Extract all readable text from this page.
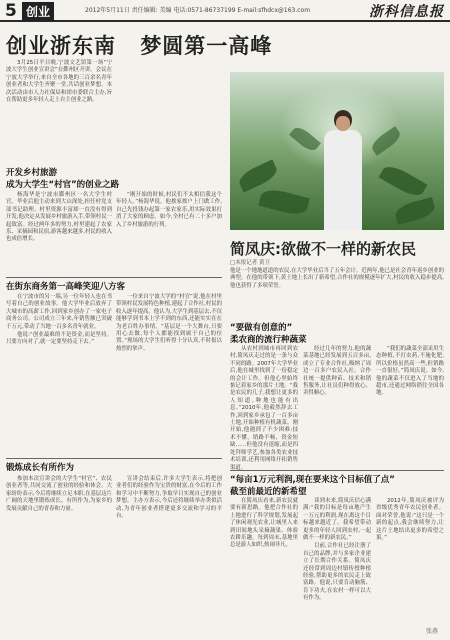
5 创业	2012年5月11日 责任编辑: 美编 电话:0571-86737199 E-mail:sfhdcx@163.com	浙科信息报
创业浙东南 梦圆第一高峰

3月25日平日晚,宁波文艺馆第一场“宁波大学生创业宣讲会”在鄞州区开讲。会议在宁波大学举行,来自全市各地的三百余名青年创业者和大学生齐聚一堂,共话创业梦想。本次活动由市人力社保局和团市委联合主办,旨在帮助更多年轻人走上自主创业之路。

开发乡村旅游
成为大学生“村官”的创业之路

杨海华是宁波市鄞州区一名大学生村官。毕业后他主动来到大山深处,担任村党支部书记助理。村里资源丰富却一直没有得到开发,他决定从发展乡村旅游入手,带领村民一起致富。经过两年多的努力,村里建起了农家乐、采摘园和民宿,游客越来越多,村民的收入也成倍增长。

“刚开始的时候,村民们不太相信我这个年轻人。”杨海华说。他挨家挨户上门做工作,自己先投钱办起第一家农家乐,用实际效果打消了大家的顾虑。如今,全村已有二十多户加入了乡村旅游的行列。

在街东商务第一高峰笑迎八方客

在宁波市的另一端,另一位年轻人也在书写着自己的创业故事。他大学毕业后放弃了大城市的高薪工作,回到家乡创办了一家电子商务公司。公司成立三年来,年销售额已突破千万元,带动了当地一百多名青年就业。

他说:“创业最难的不是资金,而是坚持。只要方向对了,就一定要坚持走下去。”

一位来自宁波大学的“村官”说,他在村里带领村民发展特色种植,建起了合作社,村民的收入逐年提高。他认为,大学生到基层去,不仅能够学到书本上学不到的东西,还能实实在在为老百姓办事情。“基层是一个大舞台,只要用心去做,每个人都能找到属于自己的位置。”现场的大学生们听得十分认真,不时报以热烈的掌声。

锻炼成长有所作为

参加本次宣讲会的大学生“村官”、农民创业者等,共同交流了创业的经验和体会。大家纷纷表示,今后将继续立足本职,在基层这片广阔的天地里锻炼成长、有所作为,为家乡的发展贡献自己的青春和力量。

宣讲会结束后,许多大学生表示,将把创业者们的经验作为宝贵的财富,在今后的工作和学习中不断努力,争取早日实现自己的创业梦想。主办方表示,今后还将继续举办类似活动,为青年创业者搭建更多交流和学习的平台。

简凤庆:欲做不一样的新农民
□本报记者 黄卫
他是一个地地道道的农民,在大学毕业后当了五年会计。近两年,他已是社会青年返乡创业的典型。在他的带领下,黄土地上长出了新希望,合作社的规模逐年扩大,村民的收入稳步提高,他也获得了多项荣誉。
“要做有创意的”
柔农商的流行种蔬菜

从农村到城市再回到农村,简凤庆走过的是一条与众不同的路。2007年大学毕业后,他在城里找到了一份稳定的会计工作。但他心里始终惦记着家乡的那片土地。“我是农民的儿子,我想让更多的人知道,种地也能有出息。”2010年,他毅然辞去工作,回到家乡承包了一百多亩土地,开始种植有机蔬菜。刚开始,他遇到了不少困难:技术不懂、销路不畅、资金短缺……但他没有退缩,而是四处拜师学艺,参加各类农业技术培训,还利用网络开拓销售渠道。

经过几年的努力,他的蔬菜基地已经发展到五百多亩,成立了专业合作社,吸纳了周边一百多户农民入社。合作社统一提供种苗、技术和销售服务,让社员们种得放心、卖得顺心。

“我们的蔬菜全部采用生态种植,不打农药,不施化肥,所以价格虽然高一些,但销路一直很好。”简凤庆说。如今,他的蔬菜不仅进入了当地的超市,还通过网络销往全国各地。

“每亩1万元利润,现在要来这个目标值了点”
截至前最近的新希望

在简凤庆看来,新农民就要有新思路。他把合作社的土地进行了科学规划,发展起了休闲观光农业,让城里人来到田间地头采摘蔬果、体验农耕乐趣。每到周末,基地里总是游人如织,热闹非凡。

谈到未来,简凤庆信心满满:“我的目标是每亩地产生一万元的利润,现在离这个目标越来越近了。我希望带动更多的年轻人回到农村,一起做不一样的新农民。”

目前,合作社已经注册了自己的品牌,并与多家企业建立了长期合作关系。简凤庆还经常到周边村镇传授种植经验,帮助更多的农民走上致富路。他说,只要肯动脑筋、肯下功夫,在农村一样可以大有作为。

2012年,简凤庆被评为省级优秀青年农民创业者。面对荣誉,他说:“这只是一个新的起点,我会继续努力,让这片土地结出更多的希望之果。”

张燕
